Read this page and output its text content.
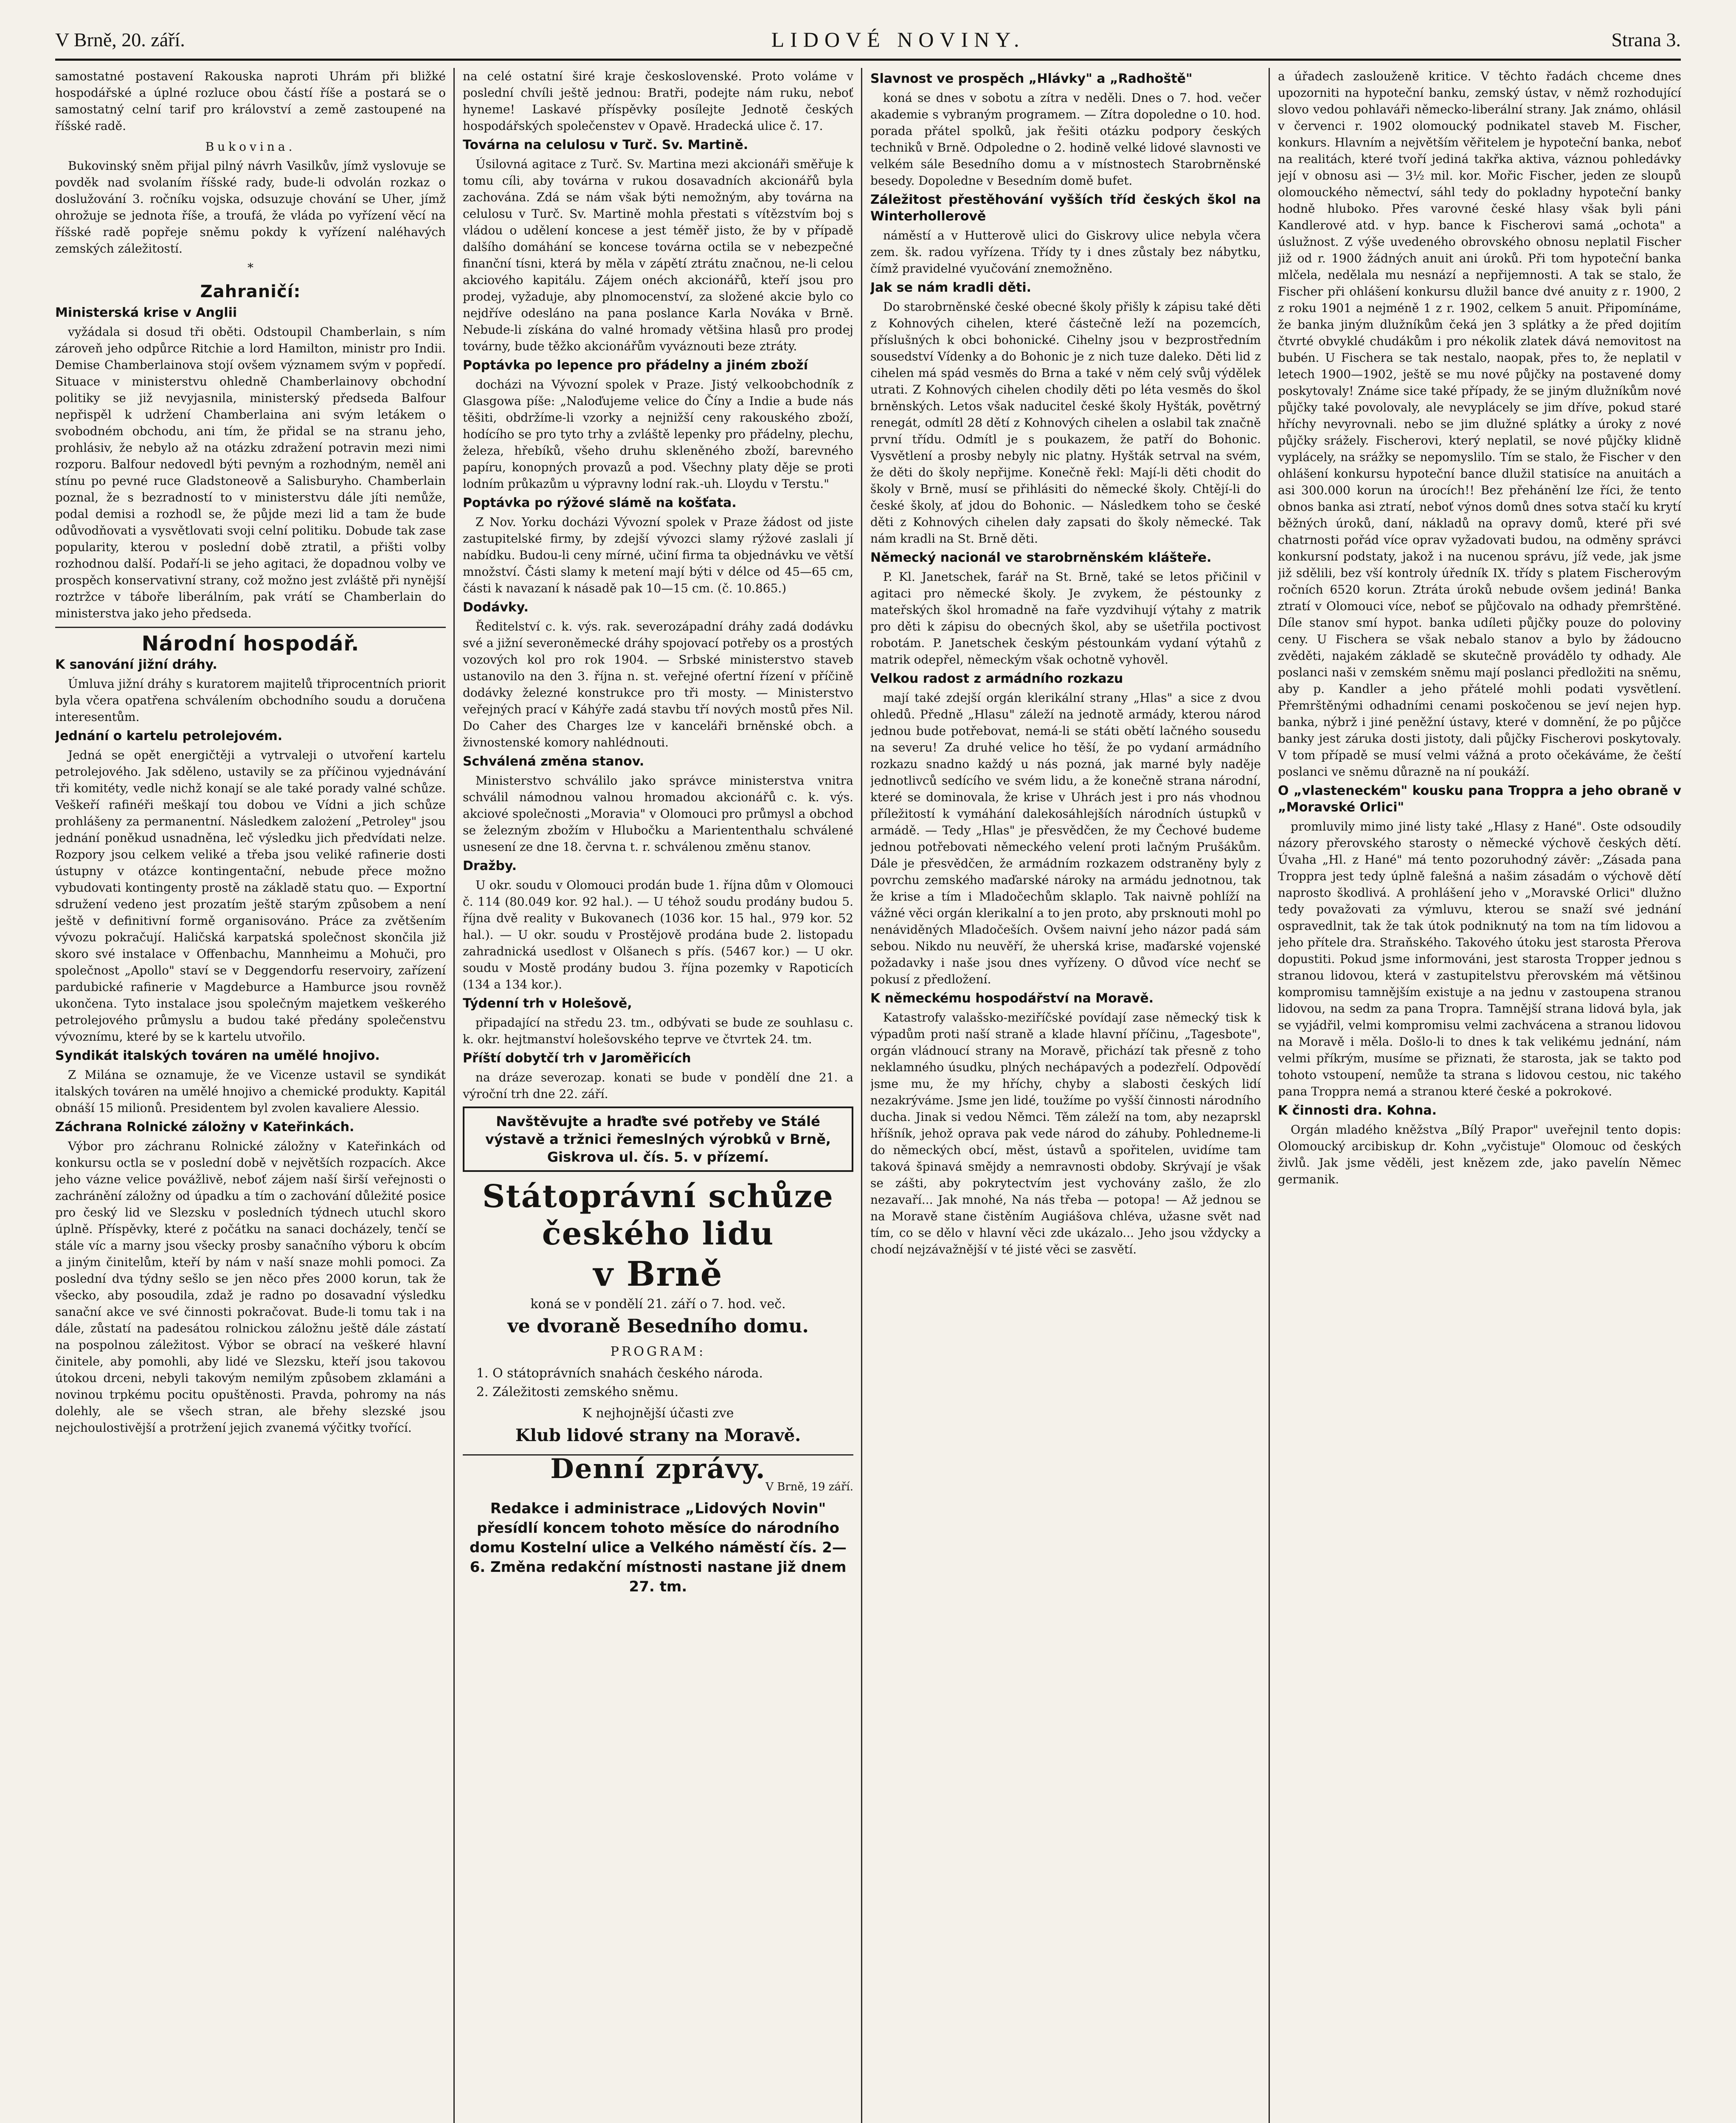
V Brně, 20. září.	LIDOVÉ NOVINY.	Strana 3.

samostatné postavení Rakouska naproti Uhrám při bližké hospodářské a úplné rozluce obou částí říše a postará se o samostatný celní tarif pro království a země zastoupené na říšské radě.

Bukovina.

Bukovinský sněm přijal pilný návrh Vasilkův, jímž vyslovuje se povděk nad svolaním říšské rady, bude-li odvolán rozkaz o doslužování 3. ročníku vojska, odsuzuje chování se Uher, jímž ohrožuje se jednota říše, a troufá, že vláda po vyřízení věcí na říšské radě popřeje sněmu pokdy k vyřízení naléhavých zemských záležitostí.

*

Zahraničí:

Ministerská krise v Anglii

vyžádala si dosud tři oběti. Odstoupil Chamberlain, s ním zároveň jeho odpůrce Ritchie a lord Hamilton, ministr pro Indii. Demise Chamberlainova stojí ovšem významem svým v popředí. Situace v ministerstvu ohledně Chamberlainovy obchodní politiky se již nevyjasnila, ministerský předseda Balfour nepřispěl k udržení Chamberlaina ani svým letákem o svobodném obchodu, ani tím, že přidal se na stranu jeho, prohlásiv, že nebylo až na otázku zdražení potravin mezi nimi rozporu. Balfour nedovedl býti pevným a rozhodným, neměl ani stínu po pevné ruce Gladstoneově a Salisburyho. Chamberlain poznal, že s bezradností to v ministerstvu dále jíti nemůže, podal demisi a rozhodl se, že půjde mezi lid a tam že bude odůvodňovati a vysvětlovati svoji celní politiku. Dobude tak zase popularity, kterou v poslední době ztratil, a přišti volby rozhodnou další. Podaří-li se jeho agitaci, že dopadnou volby ve prospěch konservativní strany, což možno jest zvláště při nynější roztržce v táboře liberálním, pak vrátí se Chamberlain do ministerstva jako jeho předseda.

Národní hospodář.

K sanování jižní dráhy.

Úmluva jižní dráhy s kuratorem majitelů třiprocentních priorit byla včera opatřena schválením obchodního soudu a doručena interesentům.

Jednání o kartelu petrolejovém.

Jedná se opět energičtěji a vytrvaleji o utvoření kartelu petrolejového. Jak sděleno, ustavily se za příčinou vyjednávání tři komitéty, vedle nichž konají se ale také porady valné schůze. Veškeří rafinéři meškají tou dobou ve Vídni a jich schůze prohlášeny za permanentní. Následkem zalożení „Petroley" jsou jednání poněkud usnadněna, leč výsledku jich předvídati nelze. Rozpory jsou celkem veliké a třeba jsou veliké rafinerie dosti ústupny v otázce kontingentační, nebude přece možno vybudovati kontingenty prostě na základě statu quo. — Exportní sdružení vedeno jest prozatím ještě starým způsobem a není ještě v definitivní formě organisováno. Práce za zvětšením vývozu pokračují. Haličská karpatská společnost skončila již skoro své instalace v Offenbachu, Mannheimu a Mohuči, pro společnost „Apollo" staví se v Deggendorfu reservoiry, zařízení pardubické rafinerie v Magdeburce a Hamburce jsou rovněž ukončena. Tyto instalace jsou společným majetkem veškerého petrolejového průmyslu a budou také předány společenstvu vývoznímu, které by se k kartelu utvořilo.

Syndikát italských továren na umělé hnojivo.

Z Milána se oznamuje, že ve Vicenze ustavil se syndikát italských továren na umělé hnojivo a chemické produkty. Kapitál obnáší 15 milionů. Presidentem byl zvolen kavaliere Alessio.

Záchrana Rolnické záložny v Kateřinkách.

Výbor pro záchranu Rolnické záložny v Kateřinkách od konkursu octla se v poslední době v největších rozpacích. Akce jeho vázne velice povážlivě, neboť zájem naší širší veřejnosti o zachránění záložny od úpadku a tím o zachování důležité posice pro český lid ve Slezsku v posledních týdnech utuchl skoro úplně. Příspěvky, které z počátku na sanaci docházely, tenčí se stále víc a marny jsou všecky prosby sanačního výboru k obcím a jiným činitelům, kteří by nám v naší snaze mohli pomoci. Za poslední dva týdny sešlo se jen něco přes 2000 korun, tak že všecko, aby posoudila, zdaž je radno po dosavadní výsledku sanační akce ve své činnosti pokračovat. Bude-li tomu tak i na dále, zůstatí na padesátou rolnickou záložnu ještě dále zástatí na pospolnou záležitost. Výbor se obrací na veškeré hlavní činitele, aby pomohli, aby lidé ve Slezsku, kteří jsou takovou útokou drceni, nebyli takovým nemilým způsobem zklamáni a novinou trpkému pocitu opuštěnosti. Pravda, pohromy na nás dolehly, ale se všech stran, ale břehy slezské jsou nejchoulostivější a protržení jejich zvanemá výčitky tvořící.

na celé ostatní širé kraje československé. Proto voláme v poslední chvíli ještě jednou: Bratři, podejte nám ruku, neboť hyneme! Laskavé příspěvky posílejte Jednotě českých hospodářských společenstev v Opavě. Hradecká ulice č. 17.

Továrna na celulosu v Turč. Sv. Martině.

Úsilovná agitace z Turč. Sv. Martina mezi akcionáři směřuje k tomu cíli, aby továrna v rukou dosavadních akcionářů byla zachována. Zdá se nám však býti nemožným, aby továrna na celulosu v Turč. Sv. Martině mohla přestati s vítězstvím boj s vládou o udělení koncese a jest téměř jisto, že by v případě dalšího domáhání se koncese továrna octila se v nebezpečné finanční tísni, která by měla v zápětí ztrátu značnou, ne-li celou akciového kapitálu. Zájem onéch akcionářů, kteří jsou pro prodej, vyžaduje, aby plnomocenství, za složené akcie bylo co nejdříve odesláno na pana poslance Karla Nováka v Brně. Nebude-li získána do valné hromady většina hlasů pro prodej továrny, bude těžko akcionářům vyváznouti beze ztráty.

Poptávka po lepence pro přádelny a jiném zboží

docházi na Vývozní spolek v Praze. Jistý velkoobchodník z Glasgowa píše: „Naloďujeme velice do Číny a Indie a bude nás těšiti, obdržíme-li vzorky a nejnižší ceny rakouského zboží, hodícího se pro tyto trhy a zvláště lepenky pro přádelny, plechu, železa, hřebíků, všeho druhu skleněného zboží, barevného papíru, konopných provazů a pod. Všechny platy děje se proti lodním průkazům u výpravny lodní rak.-uh. Lloydu v Terstu."

Poptávka po rýžové slámě na košťata.

Z Nov. Yorku docházi Vývozní spolek v Praze žádost od jiste zastupitelské firmy, by zdejší vývozci slamy rýžové zaslali jí nabídku. Budou-li ceny mírné, učiní firma ta objednávku ve větší množství. Části slamy k metení mají býti v délce od 45—65 cm, části k navazaní k násadě pak 10—15 cm. (č. 10.865.)

Dodávky.

Ředitelství c. k. výs. rak. severozápadní dráhy zadá dodávku své a jižní severoněmecké dráhy spojovací potřeby os a prostých vozových kol pro rok 1904. — Srbské ministerstvo staveb ustanovilo na den 3. října n. st. veřejné ofertní řízení v příčině dodávky železné konstrukce pro tři mosty. — Ministerstvo veřejných prací v Káhýře zadá stavbu tří nových mostů přes Nil. Do Caher des Charges lze v kanceláři brněnské obch. a živnostenské komory nahlédnouti.

Schválená změna stanov.

Ministerstvo schválilo jako správce ministerstva vnitra schválil námodnou valnou hromadou akcionářů c. k. výs. akciové společnosti „Moravia" v Olomouci pro průmysl a obchod se železným zbožím v Hlubočku a Mariententhalu schválené usnesení ze dne 18. června t. r. schválenou změnu stanov.

Dražby.

U okr. soudu v Olomouci prodán bude 1. října dům v Olomouci č. 114 (80.049 kor. 92 hal.). — U téhož soudu prodány budou 5. října dvě reality v Bukovanech (1036 kor. 15 hal., 979 kor. 52 hal.). — U okr. soudu v Prostějově prodána bude 2. listopadu zahradnická usedlost v Olšanech s přís. (5467 kor.) — U okr. soudu v Mostě prodány budou 3. října pozemky v Rapoticích (134 a 134 kor.).

Týdenní trh v Holešově,

připadající na středu 23. tm., odbývati se bude ze souhlasu c. k. okr. hejtmanství holešovského teprve ve čtvrtek 24. tm.

Příští dobytčí trh v Jaroměřicích

na dráze severozap. konati se bude v pondělí dne 21. a výroční trh dne 22. září.

Navštěvujte a hraďte své potřeby ve Stálé výstavě a tržnici řemeslných výrobků v Brně, Giskrova ul. čís. 5. v přízemí.
Státoprávní schůze českého lidu
v Brně
koná se v pondělí 21. září o 7. hod. več.
ve dvoraně Besedního domu.
PROGRAM:
1. O státoprávních snahách českého národa.
2. Záležitosti zemského sněmu.
K nejhojnější účasti zve
Klub lidové strany na Moravě.
Denní zprávy.
V Brně, 19 září.
Redakce i administrace „Lidových Novin" přesídlí koncem tohoto měsíce do národního domu Kostelní ulice a Velkého náměstí čís. 2—6. Změna redakční místnosti nastane již dnem 27. tm.

Slavnost ve prospěch „Hlávky" a „Radhoště"

koná se dnes v sobotu a zítra v neděli. Dnes o 7. hod. večer akademie s vybraným programem. — Zítra dopoledne o 10. hod. porada přátel spolků, jak řešiti otázku podpory českých techniků v Brně. Odpoledne o 2. hodině velké lidové slavnosti ve velkém sále Besedního domu a v místnostech Starobrněnské besedy. Dopoledne v Besedním domě bufet.

Záležitost přestěhování vyšších tříd českých škol na Winterhollerově

náměstí a v Hutterově ulici do Giskrovy ulice nebyla včera zem. šk. radou vyřízena. Třídy ty i dnes zůstaly bez nábytku, čímž pravidelné vyučování znemožněno.

Jak se nám kradli děti.

Do starobrněnské české obecné školy přišly k zápisu také děti z Kohnových cihelen, které částečně leží na pozemcích, příslušných k obci bohonické. Cihelny jsou v bezprostředním sousedství Vídenky a do Bohonic je z nich tuze daleko. Děti lid z cihelen má spád vesměs do Brna a také v něm celý svůj výdělek utrati. Z Kohnových cihelen chodily děti po léta vesměs do škol brněnských. Letos však naducitel české školy Hyšták, povětrný renegát, odmítl 28 dětí z Kohnových cihelen a oslabil tak značně první třídu. Odmítl je s poukazem, že patří do Bohonic. Vysvětlení a prosby nebyly nic platny. Hyšták setrval na svém, že děti do školy nepřijme. Konečně řekl: Mají-li děti chodit do školy v Brně, musí se přihlásiti do německé školy. Chtějí-li do české školy, ať jdou do Bohonic. — Následkem toho se české děti z Kohnových cihelen dały zapsati do školy německé. Tak nám kradli na St. Brně děti.

Německý nacionál ve starobrněnském klášteře.

P. Kl. Janetschek, farář na St. Brně, také se letos přičinil v agitaci pro německé školy. Je zvykem, že péstounky z mateřských škol hromadně na faře vyzdvihují výtahy z matrik pro děti k zápisu do obecných škol, aby se ušetřila poctivost robotám. P. Janetschek českým péstounkám vydaní výtahů z matrik odepřel, německým však ochotně vyhověl.

Velkou radost z armádního rozkazu

mají také zdejší orgán klerikální strany „Hlas" a sice z dvou ohledů. Předně „Hlasu" záleží na jednotě armády, kterou národ jednou bude potřebovat, nemá-li se státi obětí lačného sousedu na severu! Za druhé velice ho těší, že po vydaní armádního rozkazu snadno každý u nás pozná, jak marné byly naděje jednotlivců sedícího ve svém lidu, a že konečně strana národní, které se dominovala, že krise v Uhrách jest i pro nás vhodnou příležitostí k vymáhání dalekosáhlejších národních ústupků v armádě. — Tedy „Hlas" je přesvědčen, že my Čechové budeme jednou potřebovati německého velení proti lačným Prušákům. Dále je přesvědčen, že armádním rozkazem odstraněny byly z povrchu zemského maďarské nároky na armádu jednotnou, tak že krise a tím i Mladočechům sklaplo. Tak naivně pohlíží na vážné věci orgán klerikalní a to jen proto, aby prsknouti mohl po nenáviděných Mladočeších. Ovšem naivní jeho názor padá sám sebou. Nikdo nu neuvěří, že uherská krise, maďarské vojenské požadavky i naše jsou dnes vyřízeny. O důvod více nechť se pokusí z předložení.

K německému hospodářství na Moravě.

Katastrofy valašsko-meziříčské povídají zase německý tisk k výpadům proti naší straně a klade hlavní příčinu, „Tagesbote", orgán vládnoucí strany na Moravě, přichází tak přesně z toho neklamného úsudku, plných nechápavých a podezřelí. Odpovědí jsme mu, že my hříchy, chyby a slabosti českých lidí nezakrýváme. Jsme jen lidé, toužíme po vyšší činnosti národního ducha. Jinak si vedou Němci. Těm záleží na tom, aby nezaprskl hříšník, jehož oprava pak vede národ do záhuby. Pohledneme-li do německých obcí, měst, ústavů a spořitelen, uvidíme tam taková špinavá smějdy a nemravnosti obdoby. Skrývají je však se zášti, aby pokrytectvím jest vychovány zašlo, že zlo nezavaří... Jak mnohé, Na nás třeba — potopa! — Až jednou se na Moravě stane čistěním Augiášova chléva, užasne svět nad tím, co se dělo v hlavní věci zde ukázalo... Jeho jsou vždycky a chodí nejzávažnější v té jisté věci se zasvětí.

a úřadech zaslouženě kritice. V těchto řadách chceme dnes upozorniti na hypoteční banku, zemský ústav, v němž rozhodující slovo vedou pohlaváři německo-liberální strany. Jak známo, ohlásil v červenci r. 1902 olomoucký podnikatel staveb M. Fischer, konkurs. Hlavním a největším věřitelem je hypoteční banka, neboť na realitách, které tvoří jediná takřka aktiva, váznou pohledávky její v obnosu asi — 3½ mil. kor. Mořic Fischer, jeden ze sloupů olomouckého němectví, sáhl tedy do pokladny hypoteční banky hodně hluboko. Přes varovné české hlasy však byli páni Kandlerové atd. v hyp. bance k Fischerovi samá „ochota" a úslužnost. Z výše uvedeného obrovského obnosu neplatil Fischer již od r. 1900 žádných anuit ani úroků. Při tom hypoteční banka mlčela, nedělala mu nesnází a nepřijemnosti. A tak se stalo, že Fischer při ohlášení konkursu dlužil bance dvé anuity z r. 1900, 2 z roku 1901 a nejméně 1 z r. 1902, celkem 5 anuit. Připomínáme, že banka jiným dlužníkům čeká jen 3 splátky a že před dojitím čtvrté obvyklé chudákům i pro nékolik zlatek dává nemovitost na bubén. U Fischera se tak nestalo, naopak, přes to, že neplatil v letech 1900—1902, ještě se mu nové půjčky na postavené domy poskytovaly! Známe sice také případy, že se jiným dlužníkům nové půjčky také povolovaly, ale nevyplácely se jim dříve, pokud staré hříchy nevyrovnali. nebo se jim dlužné splátky a úroky z nové půjčky srážely. Fischerovi, který neplatil, se nové půjčky klidně vyplácely, na srážky se nepomyslilo. Tím se stalo, že Fischer v den ohlášení konkursu hypoteční bance dlužil statisíce na anuitách a asi 300.000 korun na úrocích!! Bez přehánění lze říci, že tento obnos banka asi ztratí, neboť výnos domů dnes sotva stačí ku krytí běžných úroků, daní, nákladů na opravy domů, které při své chatrnosti pořád více oprav vyžadovati budou, na odměny správci konkursní podstaty, jakož i na nucenou správu, jíž vede, jak jsme již sdělili, bez vší kontroly úředník IX. třídy s platem Fischerovým ročních 6520 korun. Ztráta úroků nebude ovšem jediná! Banka ztratí v Olomouci více, neboť se půjčovalo na odhady přemrštěné. Díle stanov smí hypot. banka udíleti půjčky pouze do poloviny ceny. U Fischera se však nebalo stanov a bylo by žádoucno zvěděti, najakém základě se skutečně provádělo ty odhady. Ale poslanci naši v zemském sněmu mají poslanci předložiti na sněmu, aby p. Kandler a jeho přátelé mohli podati vysvětlení. Přemrštěnými odhadními cenami poskočenou se jeví nejen hyp. banka, nýbrž i jiné peněžní ústavy, které v domnění, že po půjčce banky jest záruka dosti jistoty, dali půjčky Fischerovi poskytovaly. V tom případě se musí velmi vážná a proto očekáváme, že čeští poslanci ve sněmu důrazně na ní poukáží.

O „vlasteneckém" kousku pana Troppra a jeho obraně v „Moravské Orlici"

promluvily mimo jiné listy také „Hlasy z Hané". Oste odsoudily názory přerovského starosty o německé výchově českých dětí. Úvaha „Hl. z Hané" má tento pozoruhodný závěr: „Zásada pana Troppra jest tedy úplně falešná a našim zásadám o výchově dětí naprosto škodlivá. A prohlášení jeho v „Moravské Orlici" dlužno tedy považovati za výmluvu, kterou se snaží své jednání ospravedlnit, tak že tak útok podniknutý na tom na tím lidovou a jeho přítele dra. Straňského. Takového útoku jest starosta Přerova dopustiti. Pokud jsme informováni, jest starosta Tropper jednou s stranou lidovou, která v zastupitelstvu přerovském má většinou kompromisu tamnějším existuje a na jednu v zastoupena stranou lidovou, na sedm za pana Tropra. Tamnější strana lidová byla, jak se vyjádřil, velmi kompromisu velmi zachvácena a stranou lidovou na Moravě i měla. Došlo-li to dnes k tak velikému jednání, nám velmi příkrým, musíme se přiznati, že starosta, jak se takto pod tohoto vstoupení, nemůže ta strana s lidovou cestou, nic takého pana Troppra nemá a stranou které české a pokrokové.

K činnosti dra. Kohna.

Orgán mladého kněžstva „Bílý Prapor" uveřejnil tento dopis: Olomoucký arcibiskup dr. Kohn „vyčistuje" Olomouc od českých živlů. Jak jsme věděli, jest knězem zde, jako pavelín Němec germanik.
